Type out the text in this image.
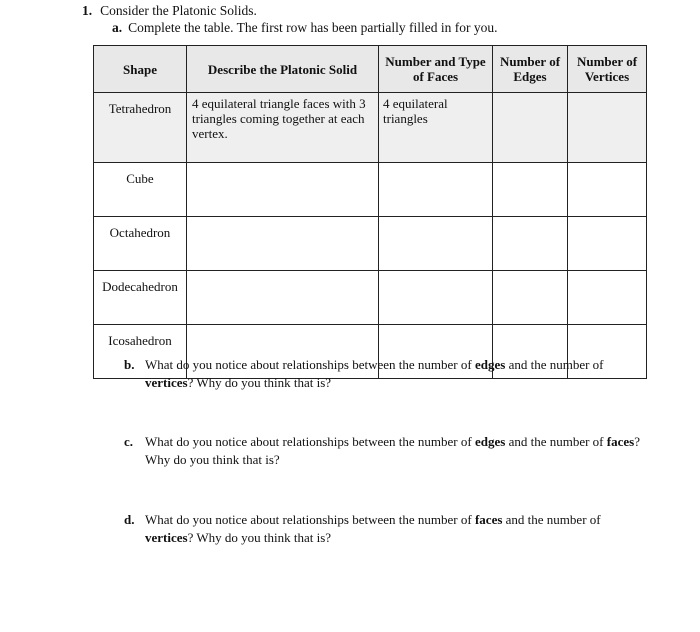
1. Consider the Platonic Solids.
a. Complete the table. The first row has been partially filled in for you.
Shape	Describe the Platonic Solid	Number and Type of Faces	Number of Edges	Number of Vertices
Tetrahedron	4 equilateral triangle faces with 3 triangles coming together at each vertex.	4 equilateral triangles		
Cube				
Octahedron				
Dodecahedron				
Icosahedron				
b. What do you notice about relationships between the number of edges and the number of vertices? Why do you think that is?
c. What do you notice about relationships between the number of edges and the number of faces? Why do you think that is?
d. What do you notice about relationships between the number of faces and the number of vertices? Why do you think that is?
